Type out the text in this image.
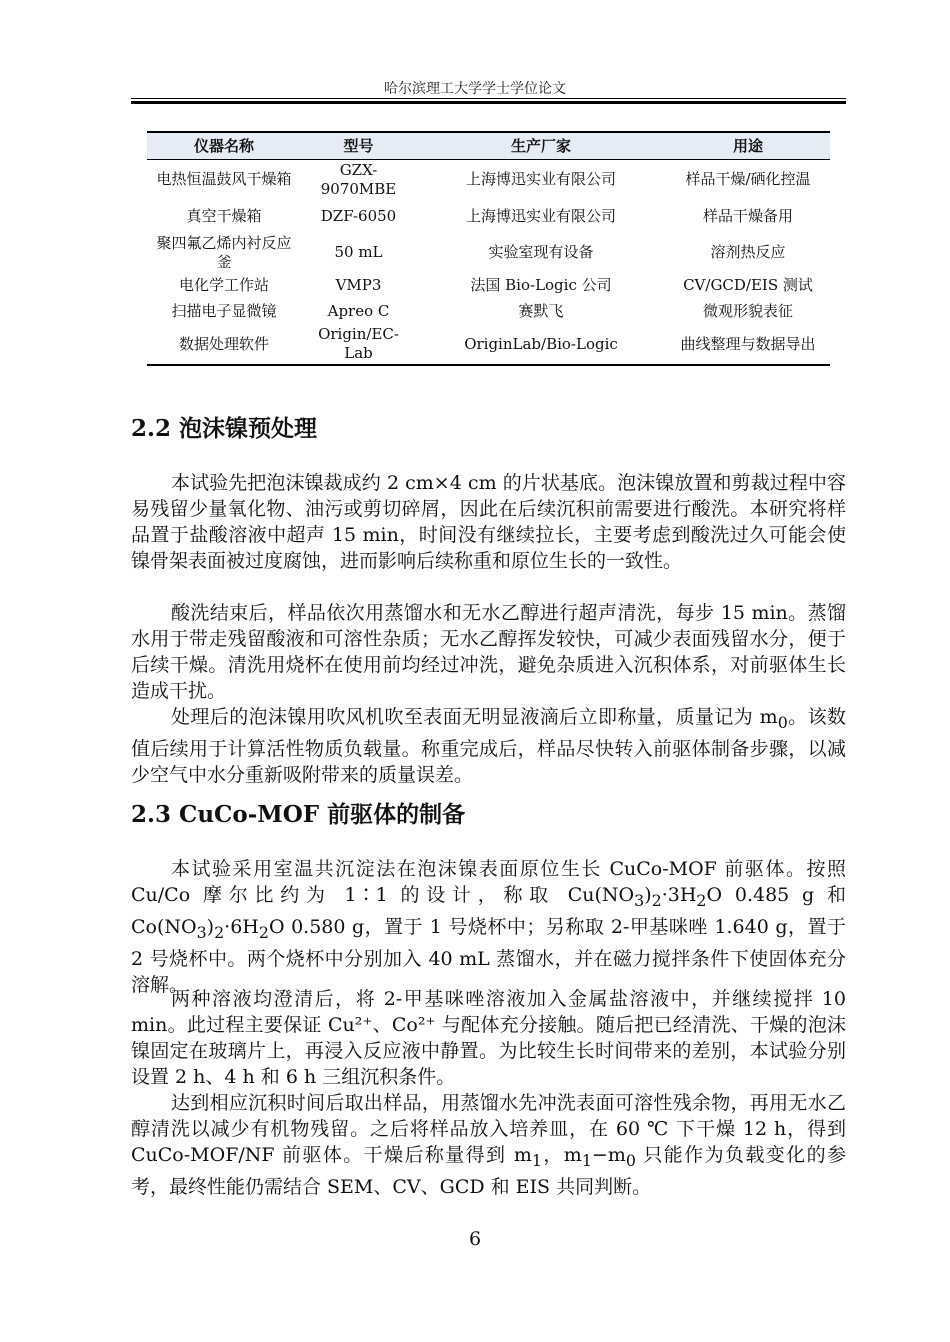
哈尔滨理工大学学士学位论文
仪器名称	型号	生产厂家	用途
电热恒温鼓风干燥箱	GZX-9070MBE	上海博迅实业有限公司	样品干燥/硒化控温
真空干燥箱	DZF-6050	上海博迅实业有限公司	样品干燥备用
聚四氟乙烯内衬反应釜	50 mL	实验室现有设备	溶剂热反应
电化学工作站	VMP3	法国 Bio-Logic 公司	CV/GCD/EIS 测试
扫描电子显微镜	Apreo C	赛默飞	微观形貌表征
数据处理软件	Origin/EC-Lab	OriginLab/Bio-Logic	曲线整理与数据导出
2.2 泡沫镍预处理

本试验先把泡沫镍裁成约 2 cm×4 cm 的片状基底。泡沫镍放置和剪裁过程中容易残留少量氧化物、油污或剪切碎屑，因此在后续沉积前需要进行酸洗。本研究将样品置于盐酸溶液中超声 15 min，时间没有继续拉长，主要考虑到酸洗过久可能会使镍骨架表面被过度腐蚀，进而影响后续称重和原位生长的一致性。

酸洗结束后，样品依次用蒸馏水和无水乙醇进行超声清洗，每步 15 min。蒸馏水用于带走残留酸液和可溶性杂质；无水乙醇挥发较快，可减少表面残留水分，便于后续干燥。清洗用烧杯在使用前均经过冲洗，避免杂质进入沉积体系，对前驱体生长造成干扰。

处理后的泡沫镍用吹风机吹至表面无明显液滴后立即称量，质量记为 $m_0$。该数值后续用于计算活性物质负载量。称重完成后，样品尽快转入前驱体制备步骤，以减少空气中水分重新吸附带来的质量误差。

2.3 CuCo-MOF 前驱体的制备

本试验采用室温共沉淀法在泡沫镍表面原位生长 CuCo-MOF 前驱体。按照 Cu/Co 摩尔比约为 1∶1 的设计，称取 $Cu(NO_3)_2\cdot 3H_2O$ 0.485 g 和 $Co(NO_3)_2\cdot 6H_2O$ 0.580 g，置于 1 号烧杯中；另称取 2-甲基咪唑 1.640 g，置于 2 号烧杯中。两个烧杯中分别加入 40 mL 蒸馏水，并在磁力搅拌条件下使固体充分溶解。

两种溶液均澄清后，将 2-甲基咪唑溶液加入金属盐溶液中，并继续搅拌 10 min。此过程主要保证 Cu²⁺、Co²⁺ 与配体充分接触。随后把已经清洗、干燥的泡沫镍固定在玻璃片上，再浸入反应液中静置。为比较生长时间带来的差别，本试验分别设置 2 h、4 h 和 6 h 三组沉积条件。

达到相应沉积时间后取出样品，用蒸馏水先冲洗表面可溶性残余物，再用无水乙醇清洗以减少有机物残留。之后将样品放入培养皿，在 60 ℃ 下干燥 12 h，得到 CuCo-MOF/NF 前驱体。干燥后称量得到 $m_1$，$m_1-m_0$ 只能作为负载变化的参考，最终性能仍需结合 SEM、CV、GCD 和 EIS 共同判断。

6
